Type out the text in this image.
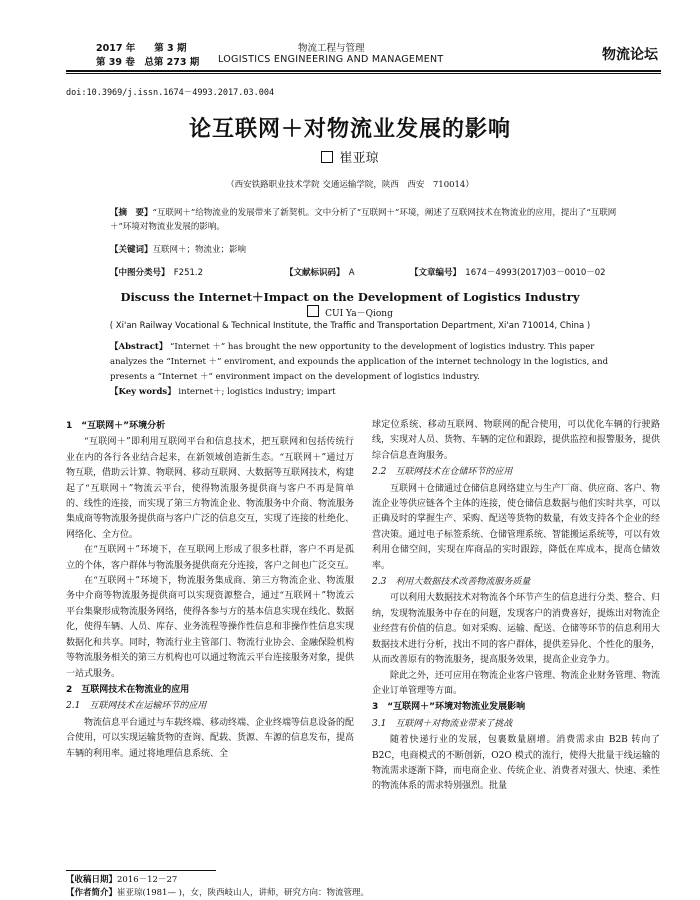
2017 年　　第 3 期
第 39 卷　总第 273 期
物流工程与管理
LOGISTICS ENGINEERING AND MANAGEMENT	物流论坛
doi:10.3969/j.issn.1674－4993.2017.03.004
论互联网＋对物流业发展的影响
崔亚琼
（西安铁路职业技术学院 交通运输学院，陕西　西安　710014）
【摘　要】“互联网＋”给物流业的发展带来了新契机。文中分析了“互联网＋”环境，阐述了互联网技术在物流业的应用，提出了“互联网＋”环境对物流业发展的影响。
【关键词】互联网＋；物流业；影响
【中图分类号】　 F251.2	【文献标识码】　 A	【文章编号】　 1674－4993(2017)03－0010－02
Discuss the Internet＋Impact on the Development of Logistics Industry
CUI Ya－Qiong
( Xi'an Railway Vocational & Technical Institute, the Traffic and Transportation Department, Xi'an 710014, China )
【Abstract】 “Internet ＋” has brought the new opportunity to the development of logistics industry. This paper analyzes the “Internet ＋” enviroment, and expounds the application of the internet technology in the logistics, and presents a “Internet ＋” environment impact on the development of logistics industry.
【Key words】 internet＋; logistics industry; impart
1　“互联网＋”环境分析

“互联网＋”即利用互联网平台和信息技术，把互联网和包括传统行业在内的各行各业结合起来，在新领域创造新生态。“互联网＋”通过万物互联，借助云计算、物联网、移动互联网、大数据等互联网技术，构建起了“互联网＋”物流云平台，使得物流服务提供商与客户不再是简单的、线性的连接，而实现了第三方物流企业、物流服务中介商、物流服务集成商等物流服务提供商与客户广泛的信息交互，实现了连接的杜绝化、网络化、全方位。

在“互联网＋”环境下，在互联网上形成了很多杜群，客户不再是孤立的个体，客户群体与物流服务提供商充分连接，客户之间也广泛交互。

在“互联网＋”环境下，物流服务集成商、第三方物流企业、物流服务中介商等物流服务提供商可以实现资源整合，通过“互联网＋”物流云平台集聚形成物流服务网络，使得各参与方的基本信息实现在线化、数据化，使得车辆、人员、库存、业务流程等操作性信息和非操作性信息实现数据化和共享。同时，物流行业主管部门、物流行业协会、金融保险机构等物流服务相关的第三方机构也可以通过物流云平台连接服务对象，提供一站式服务。

2　互联网技术在物流业的应用
2.1　互联网技术在运输环节的应用

物流信息平台通过与车载终端、移动终端、企业终端等信息设备的配合使用，可以实现运输货物的查询、配载、货源、车源的信息发布，提高车辆的利用率。通过将地理信息系统、全

球定位系统、移动互联网、物联网的配合使用，可以优化车辆的行驶路线，实现对人员、货物、车辆的定位和跟踪，提供监控和报警服务，提供综合信息查询服务。

2.2　互联网技术在仓储环节的应用

互联网＋仓储通过仓储信息网络建立与生产厂商、供应商、客户、物流企业等供应链各个主体的连接，使仓储信息数据与他们实时共享，可以正确及时的掌握生产、采购、配送等货物的数量，有效支持各个企业的经营决策。通过电子标签系统、仓储管理系统、智能搬运系统等，可以有效利用仓储空间，实现在库商品的实时跟踪，降低在库成本，提高仓储效率。

2.3　利用大数据技术改善物流服务质量

可以利用大数据技术对物流各个环节产生的信息进行分类、整合、归纳，发现物流服务中存在的问题，发现客户的消费喜好，提炼出对物流企业经营有价值的信息。如对采购、运输、配送、仓储等环节的信息利用大数据技术进行分析，找出不同的客户群体，提供差异化、个性化的服务，从而改善原有的物流服务，提高服务效果，提高企业竞争力。

除此之外，还可应用在物流企业客户管理、物流企业财务管理、物流企业订单管理等方面。

3　“互联网＋”环境对物流业发展影响
3.1　互联网＋对物流业带来了挑战

随着快递行业的发展，包裹数量剧增。消费需求由 B2B 转向了 B2C，电商模式的不断创新，O2O 模式的流行，使得大批量干线运输的物流需求逐渐下降，而电商企业、传统企业、消费者对强大、快速、柔性的物流体系的需求特别强烈。批量

【收稿日期】2016－12－27
【作者简介】崔亚琼(1981— )，女，陕西岐山人，讲师，研究方向：物流管理。
